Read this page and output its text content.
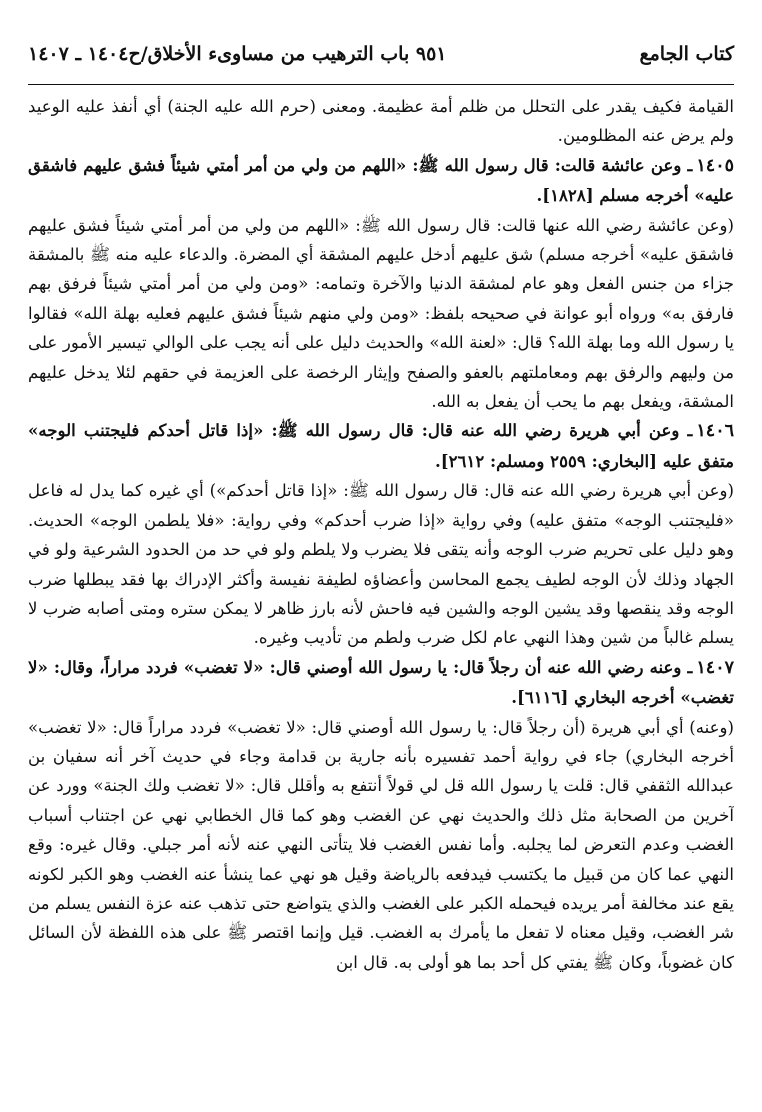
كتاب الجامع
٩٥١ باب الترهيب من مساوىء الأخلاق/ح١٤٠٤ ـ ١٤٠٧

القيامة فكيف يقدر على التحلل من ظلم أمة عظيمة. ومعنى (حرم الله عليه الجنة) أي أنفذ عليه الوعيد ولم يرض عنه المظلومين.

١٤٠٥ـ وعن عائشة قالت: قال رسول الله ﷺ: «اللهم من ولي من أمر أمتي شيئاً فشق عليهم فاشقق عليه» أخرجه مسلم [١٨٢٨].

(وعن عائشة رضي الله عنها قالت: قال رسول الله ﷺ: «اللهم من ولي من أمر أمتي شيئاً فشق عليهم فاشقق عليه» أخرجه مسلم) شق عليهم أدخل عليهم المشقة أي المضرة. والدعاء عليه منه ﷺ بالمشقة جزاء من جنس الفعل وهو عام لمشقة الدنيا والآخرة وتمامه: «ومن ولي من أمر أمتي شيئاً فرفق بهم فارفق به» ورواه أبو عوانة في صحيحه بلفظ: «ومن ولي منهم شيئاً فشق عليهم فعليه بهلة الله» فقالوا يا رسول الله وما بهلة الله؟ قال: «لعنة الله» والحديث دليل على أنه يجب على الوالي تيسير الأمور على من وليهم والرفق بهم ومعاملتهم بالعفو والصفح وإيثار الرخصة على العزيمة في حقهم لئلا يدخل عليهم المشقة، ويفعل بهم ما يحب أن يفعل به الله.

١٤٠٦ـ وعن أبي هريرة رضي الله عنه قال: قال رسول الله ﷺ: «إذا قاتل أحدكم فليجتنب الوجه» متفق عليه [البخاري: ٢٥٥٩ ومسلم: ٢٦١٢].

(وعن أبي هريرة رضي الله عنه قال: قال رسول الله ﷺ: «إذا قاتل أحدكم») أي غيره كما يدل له فاعل «فليجتنب الوجه» متفق عليه) وفي رواية «إذا ضرب أحدكم» وفي رواية: «فلا يلطمن الوجه» الحديث. وهو دليل على تحريم ضرب الوجه وأنه يتقى فلا يضرب ولا يلطم ولو في حد من الحدود الشرعية ولو في الجهاد وذلك لأن الوجه لطيف يجمع المحاسن وأعضاؤه لطيفة نفيسة وأكثر الإدراك بها فقد يبطلها ضرب الوجه وقد ينقصها وقد يشين الوجه والشين فيه فاحش لأنه بارز ظاهر لا يمكن ستره ومتى أصابه ضرب لا يسلم غالباً من شين وهذا النهي عام لكل ضرب ولطم من تأديب وغيره.

١٤٠٧ـ وعنه رضي الله عنه أن رجلاً قال: يا رسول الله أوصني قال: «لا تغضب» فردد مراراً، وقال: «لا تغضب» أخرجه البخاري [٦١١٦].

(وعنه) أي أبي هريرة (أن رجلاً قال: يا رسول الله أوصني قال: «لا تغضب» فردد مراراً قال: «لا تغضب» أخرجه البخاري) جاء في رواية أحمد تفسيره بأنه جارية بن قدامة وجاء في حديث آخر أنه سفيان بن عبدالله الثقفي قال: قلت يا رسول الله قل لي قولاً أنتفع به وأقلل قال: «لا تغضب ولك الجنة» وورد عن آخرين من الصحابة مثل ذلك والحديث نهي عن الغضب وهو كما قال الخطابي نهي عن اجتناب أسباب الغضب وعدم التعرض لما يجلبه. وأما نفس الغضب فلا يتأتى النهي عنه لأنه أمر جبلي. وقال غيره: وقع النهي عما كان من قبيل ما يكتسب فيدفعه بالرياضة وقيل هو نهي عما ينشأ عنه الغضب وهو الكبر لكونه يقع عند مخالفة أمر يريده فيحمله الكبر على الغضب والذي يتواضع حتى تذهب عنه عزة النفس يسلم من شر الغضب، وقيل معناه لا تفعل ما يأمرك به الغضب. قيل وإنما اقتصر ﷺ على هذه اللفظة لأن السائل كان غضوباً، وكان ﷺ يفتي كل أحد بما هو أولى به. قال ابن
